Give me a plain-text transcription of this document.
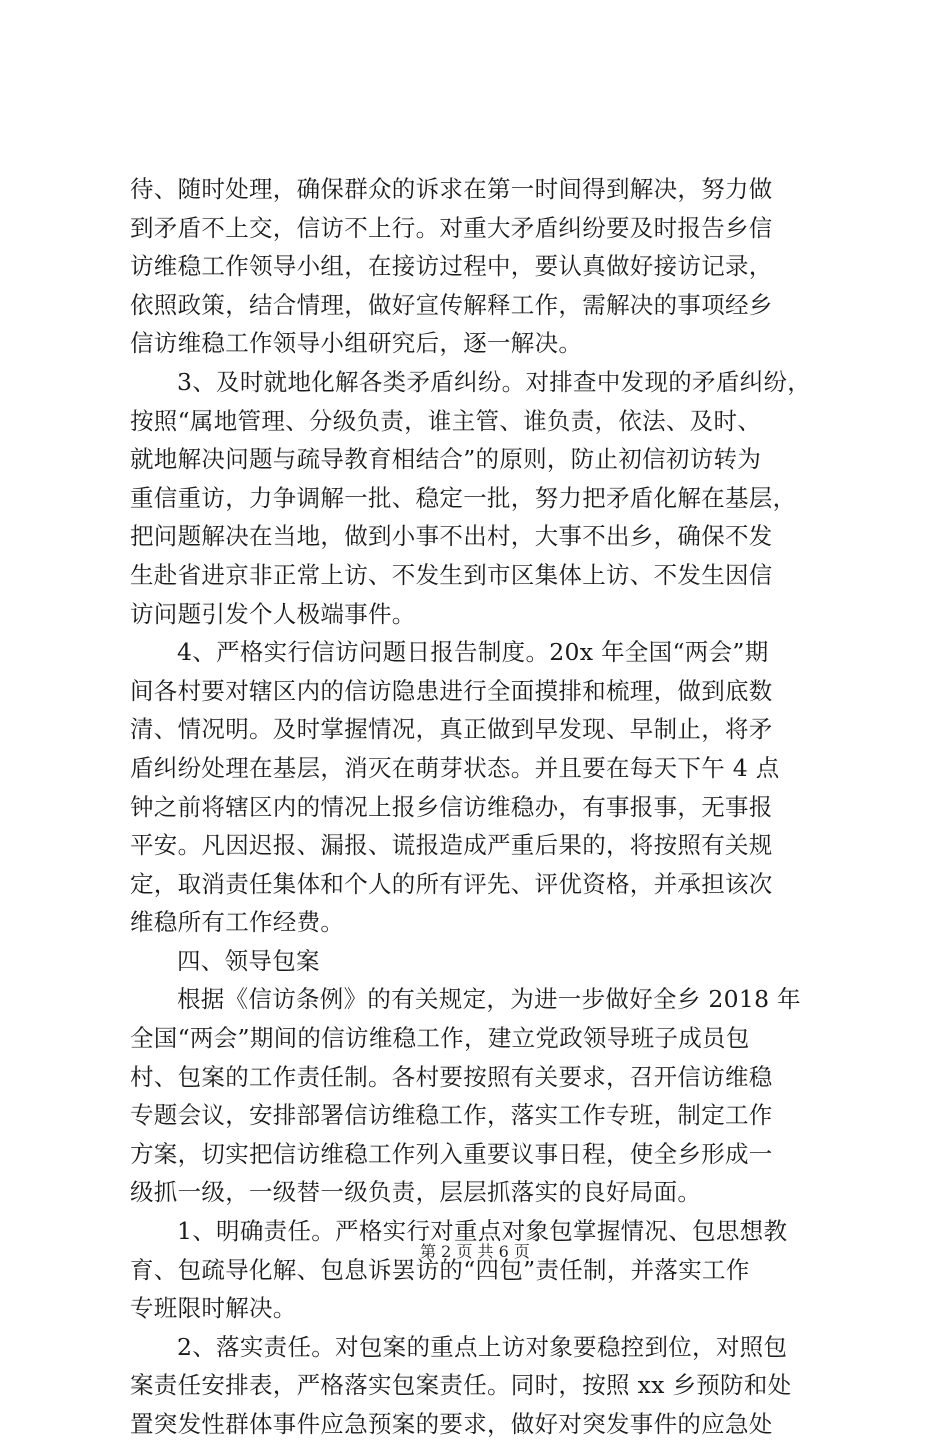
待、随时处理，确保群众的诉求在第一时间得到解决，努力做
到矛盾不上交，信访不上行。对重大矛盾纠纷要及时报告乡信
访维稳工作领导小组，在接访过程中，要认真做好接访记录，
依照政策，结合情理，做好宣传解释工作，需解决的事项经乡
信访维稳工作领导小组研究后，逐一解决。
3、及时就地化解各类矛盾纠纷。对排查中发现的矛盾纠纷，
按照“属地管理、分级负责，谁主管、谁负责，依法、及时、
就地解决问题与疏导教育相结合”的原则，防止初信初访转为
重信重访，力争调解一批、稳定一批，努力把矛盾化解在基层，
把问题解决在当地，做到小事不出村，大事不出乡，确保不发
生赴省进京非正常上访、不发生到市区集体上访、不发生因信
访问题引发个人极端事件。
4、严格实行信访问题日报告制度。20x 年全国“两会”期
间各村要对辖区内的信访隐患进行全面摸排和梳理，做到底数
清、情况明。及时掌握情况，真正做到早发现、早制止，将矛
盾纠纷处理在基层，消灭在萌芽状态。并且要在每天下午 4 点
钟之前将辖区内的情况上报乡信访维稳办，有事报事，无事报
平安。凡因迟报、漏报、谎报造成严重后果的，将按照有关规
定，取消责任集体和个人的所有评先、评优资格，并承担该次
维稳所有工作经费。
四、领导包案
根据《信访条例》的有关规定，为进一步做好全乡 2018 年
全国“两会”期间的信访维稳工作，建立党政领导班子成员包
村、包案的工作责任制。各村要按照有关要求，召开信访维稳
专题会议，安排部署信访维稳工作，落实工作专班，制定工作
方案，切实把信访维稳工作列入重要议事日程，使全乡形成一
级抓一级，一级替一级负责，层层抓落实的良好局面。
1、明确责任。严格实行对重点对象包掌握情况、包思想教
育、包疏导化解、包息诉罢访的“四包”责任制，并落实工作
专班限时解决。
2、落实责任。对包案的重点上访对象要稳控到位，对照包
案责任安排表，严格落实包案责任。同时，按照 xx 乡预防和处
置突发性群体事件应急预案的要求，做好对突发事件的应急处
第 2 页 共 6 页
